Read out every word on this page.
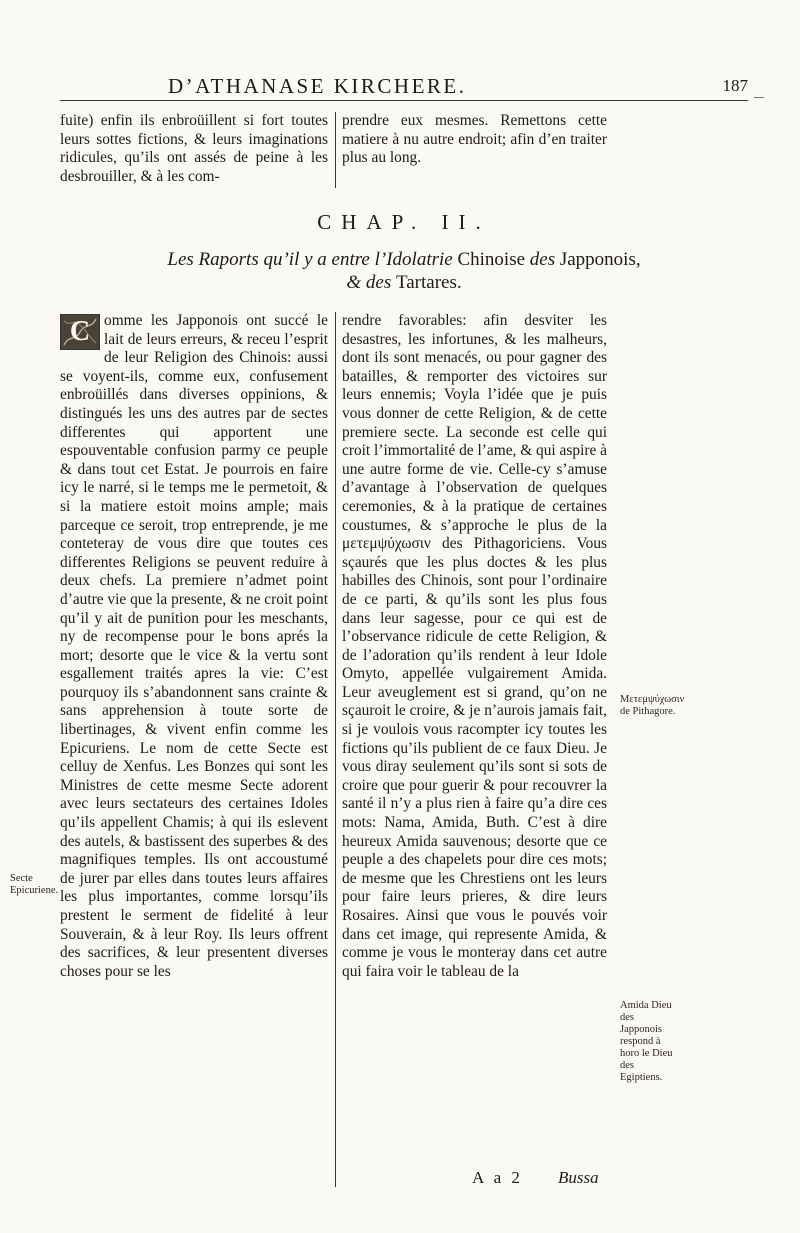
D’ATHANASE KIRCHERE.	187

fuite) enfin ils enbroüillent si fort toutes leurs sottes fictions, & leurs imaginations ridicules, qu’ils ont assés de peine à les desbrouiller, & à les com-

prendre eux mesmes. Remettons cette matiere à nu autre endroit; afin d’en traiter plus au long.

CHAP. II.
Les Raports qu’il y a entre l’Idolatrie Chinoise des Japponois,
& des Tartares.
C omme les Japponois ont succé le lait de leurs erreurs, & receu l’esprit de leur Religion des Chinois: aussi se voyent-ils, comme eux, confusement enbroüillés dans diverses oppinions, & distingués les uns des autres par de sectes differentes qui apportent une espouventable confusion parmy ce peuple & dans tout cet Estat. Je pourrois en faire icy le narré, si le temps me le permetoit, & si la matiere estoit moins ample; mais parceque ce seroit, trop entreprende, je me conteteray de vous dire que toutes ces differentes Religions se peuvent reduire à deux chefs. La premiere n’admet point d’autre vie que la presente, & ne croit point qu’il y ait de punition pour les meschants, ny de recompense pour le bons aprés la mort; desorte que le vice & la vertu sont esgallement traités apres la vie: C’est pourquoy ils s’abandonnent sans crainte & sans apprehension à toute sorte de libertinages, & vivent enfin comme les Epicuriens. Le nom de cette Secte est celluy de Xenfus. Les Bonzes qui sont les Ministres de cette mesme Secte adorent avec leurs sectateurs des certaines Idoles qu’ils appellent Chamis; à qui ils eslevent des autels, & bastissent des superbes & des magnifiques temples. Ils ont accoustumé de jurer par elles dans toutes leurs affaires les plus importantes, comme lorsqu’ils prestent le serment de fidelité à leur Souverain, & à leur Roy. Ils leurs offrent des sacrifices, & leur presentent diverses choses pour se les

rendre favorables: afin desviter les desastres, les infortunes, & les malheurs, dont ils sont menacés, ou pour gagner des batailles, & remporter des victoires sur leurs ennemis; Voyla l’idée que je puis vous donner de cette Religion, & de cette premiere secte. La seconde est celle qui croit l’immortalité de l’ame, & qui aspire à une autre forme de vie. Celle-cy s’amuse d’avantage à l’observation de quelques ceremonies, & à la pratique de certaines coustumes, & s’approche le plus de la μετεμψύχωσιν des Pithagoriciens. Vous sçaurés que les plus doctes & les plus habilles des Chinois, sont pour l’ordinaire de ce parti, & qu’ils sont les plus fous dans leur sagesse, pour ce qui est de l’observance ridicule de cette Religion, & de l’adoration qu’ils rendent à leur Idole Omyto, appellée vulgairement Amida. Leur aveuglement est si grand, qu’on ne sçauroit le croire, & je n’aurois jamais fait, si je voulois vous racompter icy toutes les fictions qu’ils publient de ce faux Dieu. Je vous diray seulement qu’ils sont si sots de croire que pour guerir & pour recouvrer la santé il n’y a plus rien à faire qu’a dire ces mots: Nama, Amida, Buth. C’est à dire heureux Amida sauvenous; desorte que ce peuple a des chapelets pour dire ces mots; de mesme que les Chrestiens ont les leurs pour faire leurs prieres, & dire leurs Rosaires. Ainsi que vous le pouvés voir dans cet image, qui represente Amida, & comme je vous le monteray dans cet autre qui faira voir le tableau de la

Secte Epicuriene.
Μετεμψύχωσιν de Pithagore.
Amida Dieu des Japponois respond à horo le Dieu des Egiptiens.
A a 2 Bussa
